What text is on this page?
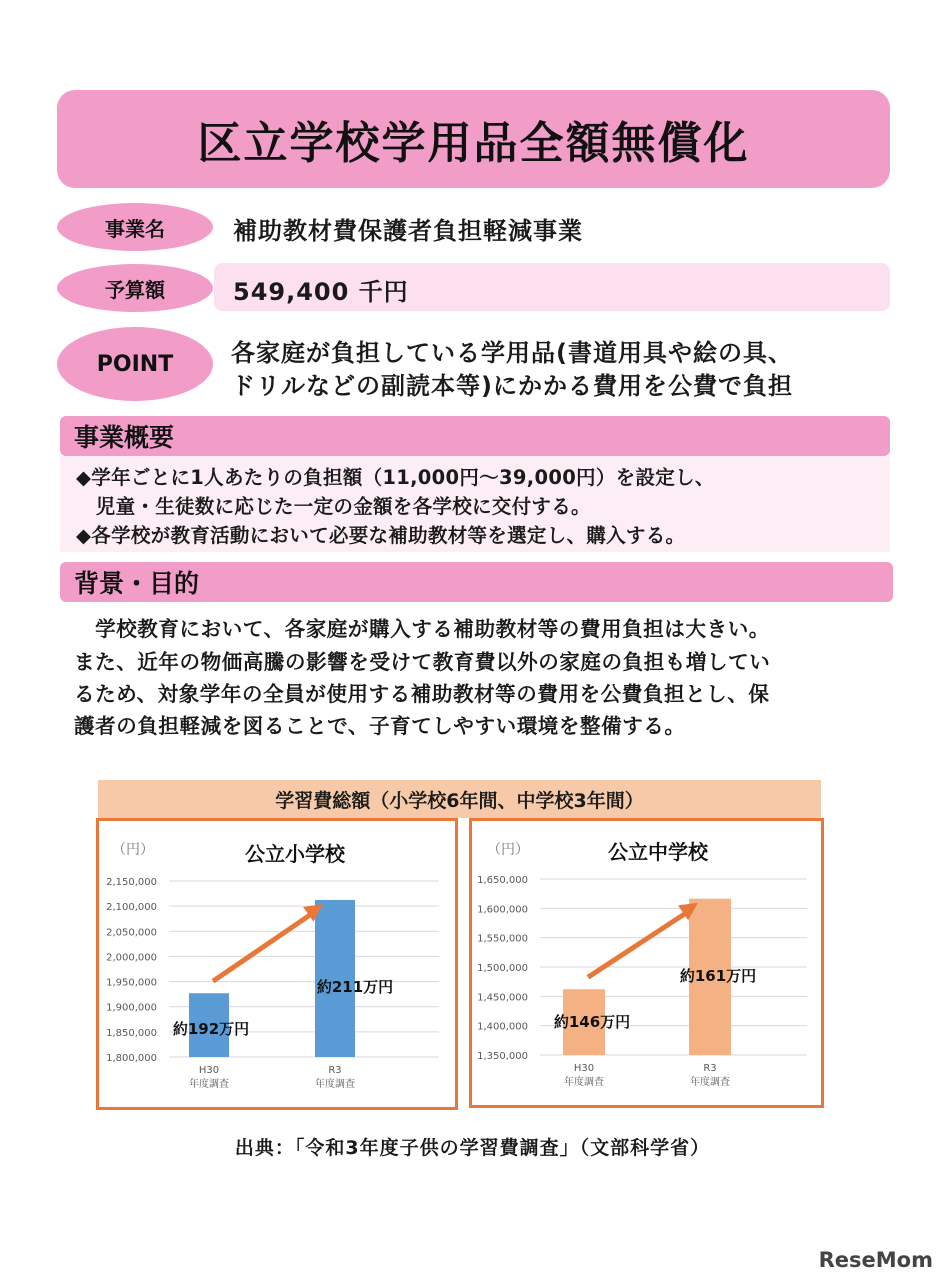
区立学校学用品全額無償化
事業名	補助教材費保護者負担軽減事業
予算額	549,400 千円
POINT	各家庭が負担している学用品(書道用具や絵の具、
ドリルなどの副読本等)にかかる費用を公費で負担
事業概要
◆学年ごとに1人あたりの負担額（11,000円～39,000円）を設定し、
　児童・生徒数に応じた一定の金額を各学校に交付する。
◆各学校が教育活動において必要な補助教材等を選定し、購入する。
背景・目的
　学校教育において、各家庭が購入する補助教材等の費用負担は大きい。
また、近年の物価高騰の影響を受けて教育費以外の家庭の負担も増してい
るため、対象学年の全員が使用する補助教材等の費用を公費負担とし、保
護者の負担軽減を図ることで、子育てしやすい環境を整備する。
学習費総額（小学校6年間、中学校3年間）
公立小学校
（円）
1,800,000
1,850,000
1,900,000
1,950,000
2,000,000
2,050,000
2,100,000
2,150,000
H30
年度調査
R3
年度調査
約192万円
約211万円
公立中学校
（円）
1,350,000
1,400,000
1,450,000
1,500,000
1,550,000
1,600,000
1,650,000
H30
年度調査
R3
年度調査
約146万円
約161万円
出典：「令和3年度子供の学習費調査」（文部科学省）
ReseMom
